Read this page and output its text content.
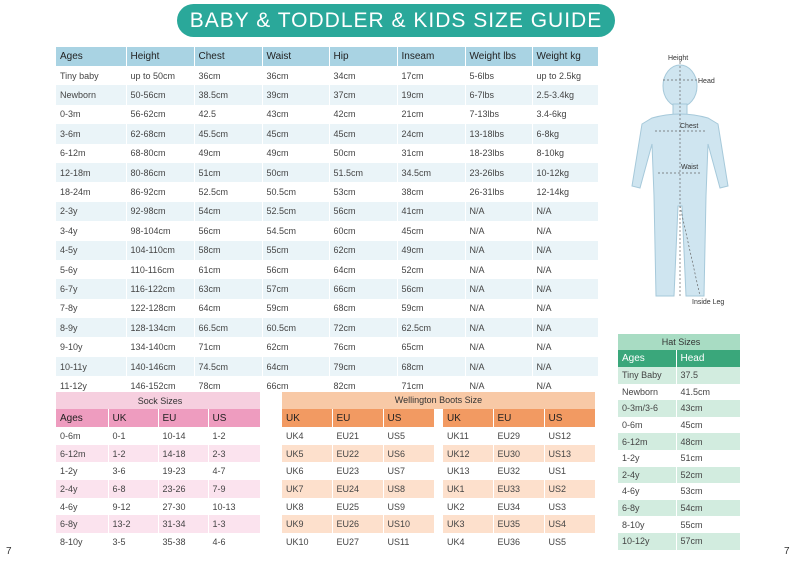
BABY & TODDLER & KIDS SIZE GUIDE
Ages	Height	Chest	Waist	Hip	Inseam	Weight lbs	Weight kg
Tiny baby	up to 50cm	36cm	36cm	34cm	17cm	5-6lbs	up to 2.5kg
Newborn	50-56cm	38.5cm	39cm	37cm	19cm	6-7lbs	2.5-3.4kg
0-3m	56-62cm	42.5	43cm	42cm	21cm	7-13lbs	3.4-6kg
3-6m	62-68cm	45.5cm	45cm	45cm	24cm	13-18lbs	6-8kg
6-12m	68-80cm	49cm	49cm	50cm	31cm	18-23lbs	8-10kg
12-18m	80-86cm	51cm	50cm	51.5cm	34.5cm	23-26lbs	10-12kg
18-24m	86-92cm	52.5cm	50.5cm	53cm	38cm	26-31lbs	12-14kg
2-3y	92-98cm	54cm	52.5cm	56cm	41cm	N/A	N/A
3-4y	98-104cm	56cm	54.5cm	60cm	45cm	N/A	N/A
4-5y	104-110cm	58cm	55cm	62cm	49cm	N/A	N/A
5-6y	110-116cm	61cm	56cm	64cm	52cm	N/A	N/A
6-7y	116-122cm	63cm	57cm	66cm	56cm	N/A	N/A
7-8y	122-128cm	64cm	59cm	68cm	59cm	N/A	N/A
8-9y	128-134cm	66.5cm	60.5cm	72cm	62.5cm	N/A	N/A
9-10y	134-140cm	71cm	62cm	76cm	65cm	N/A	N/A
10-11y	140-146cm	74.5cm	64cm	79cm	68cm	N/A	N/A
11-12y	146-152cm	78cm	66cm	82cm	71cm	N/A	N/A
Height
Head
Chest
Waist
Inside Leg
Sock Sizes			
Ages	UK	EU	US
0-6m	0-1	10-14	1-2
6-12m	1-2	14-18	2-3
1-2y	3-6	19-23	4-7
2-4y	6-8	23-26	7-9
4-6y	9-12	27-30	10-13
6-8y	13-2	31-34	1-3
8-10y	3-5	35-38	4-6
Wellington Boots Size
UK	EU	US
UK4	EU21	US5
UK5	EU22	US6
UK6	EU23	US7
UK7	EU24	US8
UK8	EU25	US9
UK9	EU26	US10
UK10	EU27	US11
UK	EU	US
UK11	EU29	US12
UK12	EU30	US13
UK13	EU32	US1
UK1	EU33	US2
UK2	EU34	US3
UK3	EU35	US4
UK4	EU36	US5
Hat Sizes	
Ages	Head
Tiny Baby	37.5
Newborn	41.5cm
0-3m/3-6	43cm
0-6m	45cm
6-12m	48cm
1-2y	51cm
2-4y	52cm
4-6y	53cm
6-8y	54cm
8-10y	55cm
10-12y	57cm
7	7
